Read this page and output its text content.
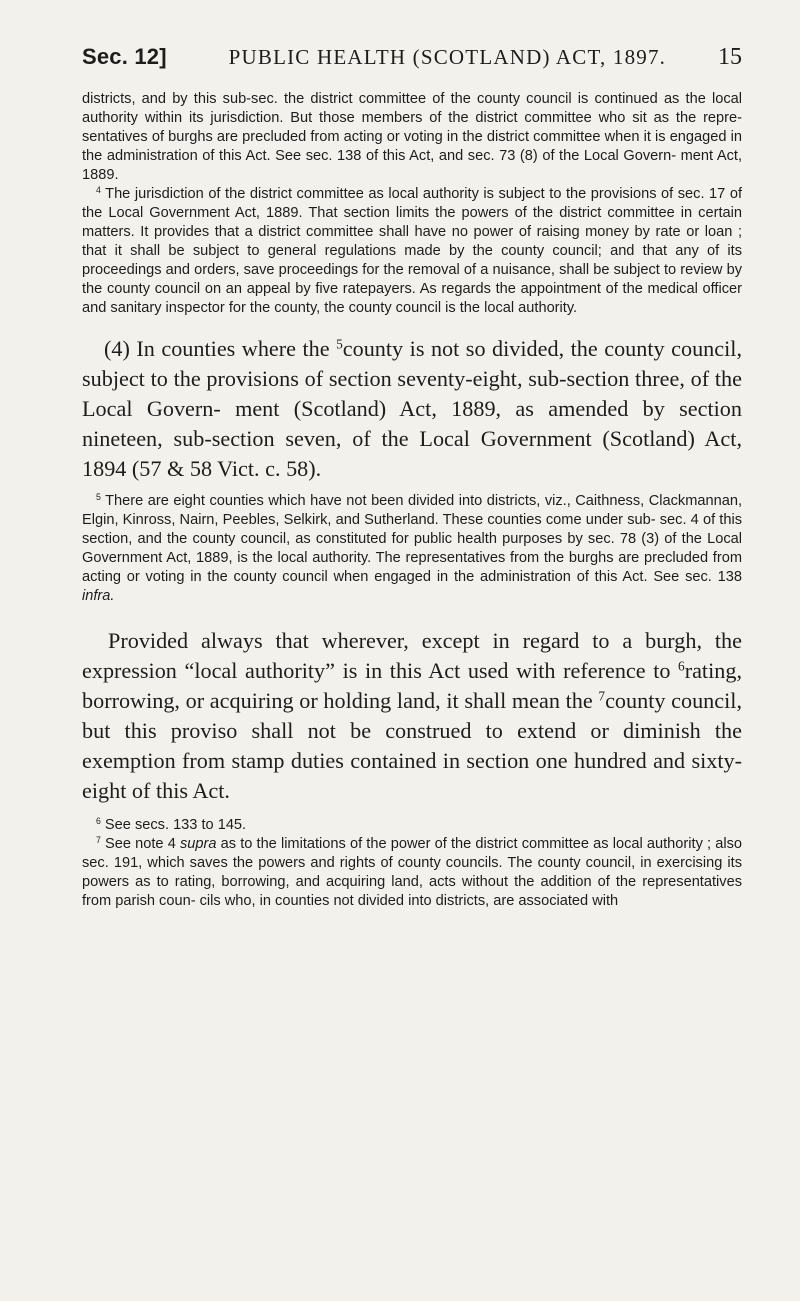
Sec. 12]	PUBLIC HEALTH (SCOTLAND) ACT, 1897.	15

districts, and by this sub-sec. the district committee of the county council is continued as the local authority within its jurisdiction. But those members of the district committee who sit as the repre- sentatives of burghs are precluded from acting or voting in the district committee when it is engaged in the administration of this Act. See sec. 138 of this Act, and sec. 73 (8) of the Local Govern- ment Act, 1889.

$^4$ The jurisdiction of the district committee as local authority is subject to the provisions of sec. 17 of the Local Government Act, 1889. That section limits the powers of the district committee in certain matters. It provides that a district committee shall have no power of raising money by rate or loan ; that it shall be subject to general regulations made by the county council; and that any of its proceedings and orders, save proceedings for the removal of a nuisance, shall be subject to review by the county council on an appeal by five ratepayers. As regards the appointment of the medical officer and sanitary inspector for the county, the county council is the local authority.

(4) In counties where the $^5$county is not so divided, the county council, subject to the provisions of section seventy-eight, sub-section three, of the Local Govern- ment (Scotland) Act, 1889, as amended by section nineteen, sub-section seven, of the Local Government (Scotland) Act, 1894 (57 & 58 Vict. c. 58).

$^5$ There are eight counties which have not been divided into districts, viz., Caithness, Clackmannan, Elgin, Kinross, Nairn, Peebles, Selkirk, and Sutherland. These counties come under sub- sec. 4 of this section, and the county council, as constituted for public health purposes by sec. 78 (3) of the Local Government Act, 1889, is the local authority. The representatives from the burghs are precluded from acting or voting in the county council when engaged in the administration of this Act. See sec. 138 infra.

Provided always that wherever, except in regard to a burgh, the expression “local authority” is in this Act used with reference to $^6$rating, borrowing, or acquiring or holding land, it shall mean the $^7$county council, but this proviso shall not be construed to extend or diminish the exemption from stamp duties contained in section one hundred and sixty-eight of this Act.

$^6$ See secs. 133 to 145.

$^7$ See note 4 supra as to the limitations of the power of the district committee as local authority ; also sec. 191, which saves the powers and rights of county councils. The county council, in exercising its powers as to rating, borrowing, and acquiring land, acts without the addition of the representatives from parish coun- cils who, in counties not divided into districts, are associated with
